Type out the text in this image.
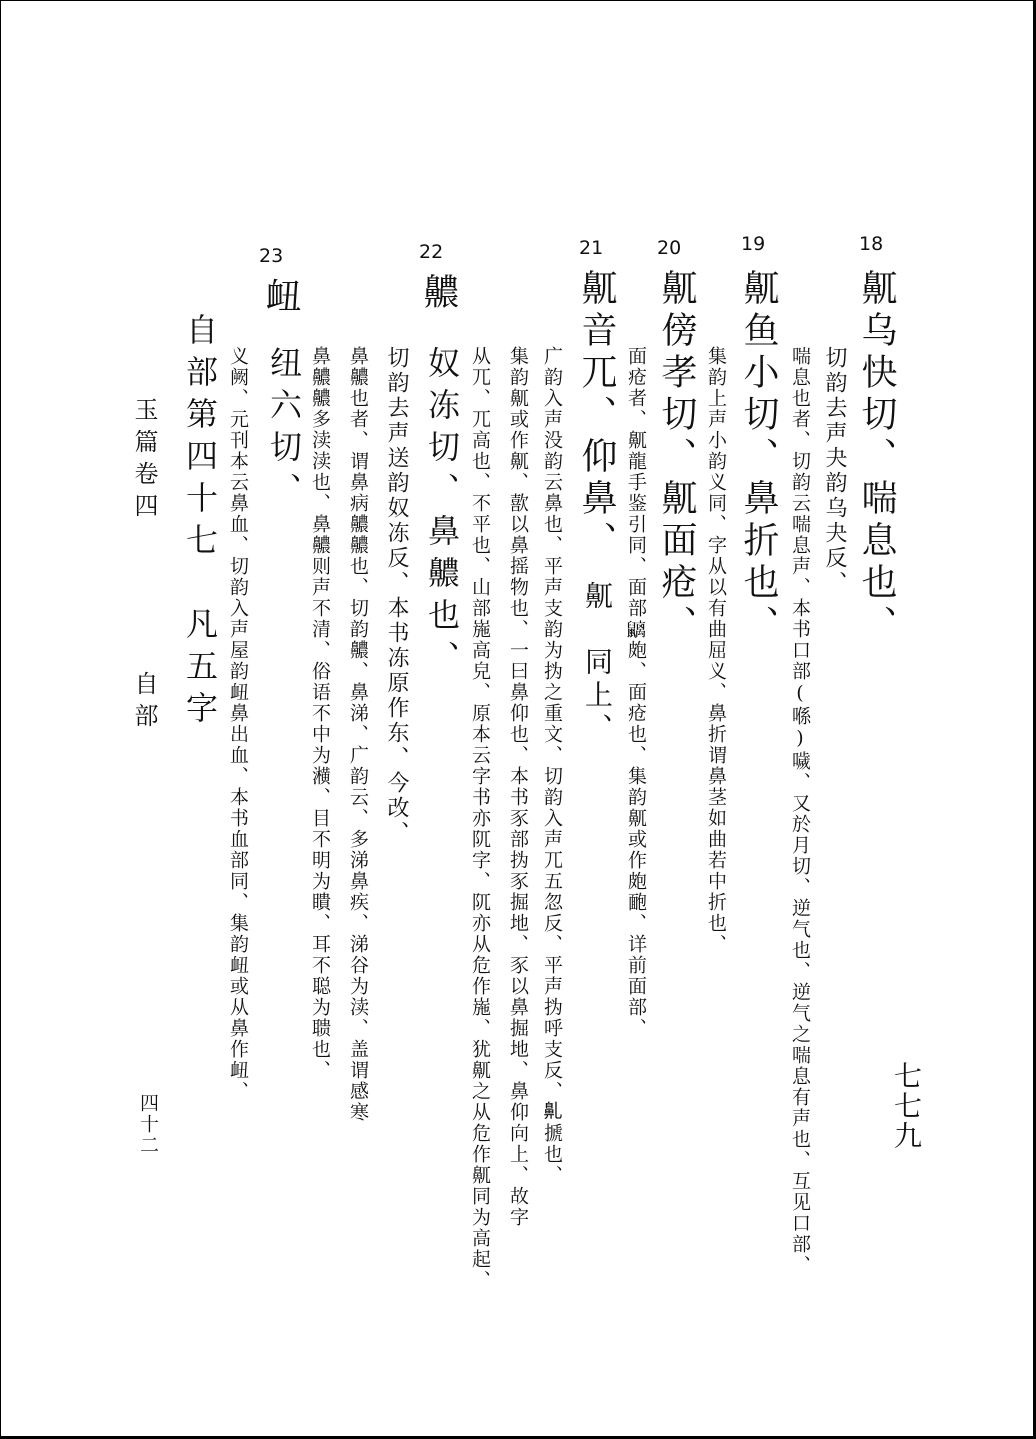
七七九
18
鼿乌快切、喘息也、
切韵去声夬韵乌夬反、
喘息也者、切韵云喘息声、本书口部(喺)噦、又於月切、逆气也、逆气之喘息有声也、互见口部、
19
鼿鱼小切、鼻折也、
集韵上声小韵义同、字从以有曲屈义、鼻折谓鼻茎如曲若中折也、
20
鼿傍孝切、鼿面疮、
面疮者、鼿龍手鉴引同、面部𪖂皰、面疮也、集韵鼿或作皰靤、详前面部、
21
鼿音兀、仰鼻、
鼿　同上、
广韵入声没韵云鼻也、平声支韵为㧑之重文、切韵入声兀五忽反、平声㧑呼支反、𪖐搋也、
集韵鼿或作鼿、歖以鼻摇物也、一曰鼻仰也、本书豕部㧑豕掘地、豕以鼻掘地、鼻仰向上、故字
从兀、兀高也、不平也、山部崺高皃、原本云字书亦阢字、阢亦从危作崺、犹鼿之从危作鼿同为高起、
22
齈
奴冻切、鼻齈也、
切韵去声送韵奴冻反、本书冻原作东、今改、
鼻齈也者、谓鼻病齈齈也、切韵齈、鼻涕、广韵云、多涕鼻疾、涕谷为渎、盖谓感寒
鼻齈齈多渎渎也、鼻齈则声不清、俗语不中为㶇、目不明为瞶、耳不聪为聩也、
23
衄
纽六切、
义阙、元刊本云鼻血、切韵入声屋韵衄鼻出血、本书血部同、集韵衄或从鼻作衄、
自部第四十七　凡五字
玉篇卷四
自部
四十二
